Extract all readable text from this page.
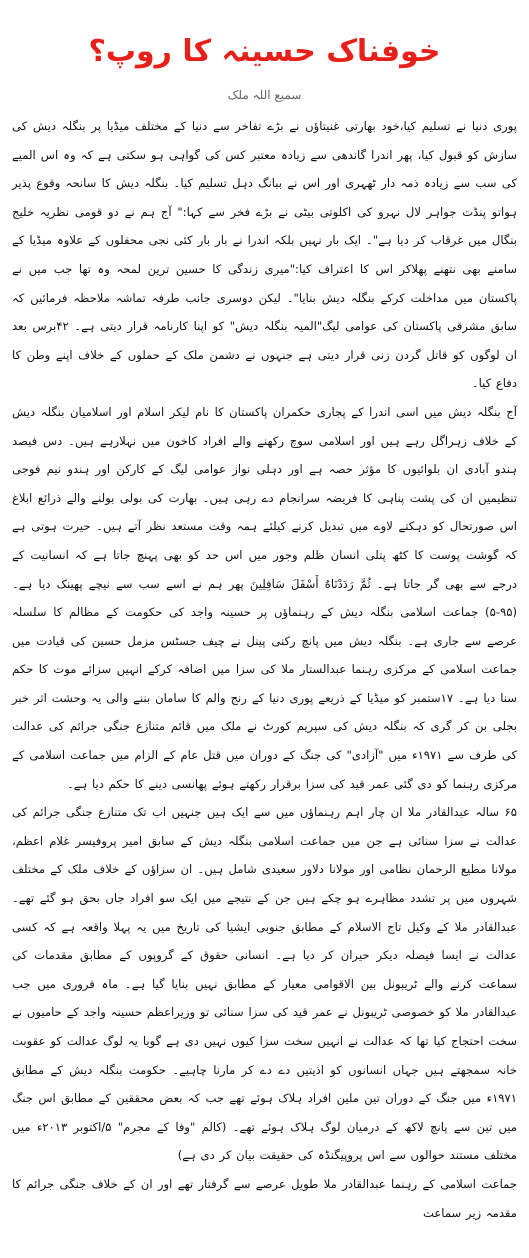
خوفناک حسینہ کا روپ؟
سمیع اللہ ملک

پوری دنیا نے تسلیم کیا،خود بھارتی غنیتاؤں نے بڑے تفاخر سے دنیا کے مختلف میڈیا پر بنگلہ دیش کی سازش کو قبول کیا، پھر اندرا گاندھی سے زیادہ معتبر کس کی گواہی ہو سکتی ہے کہ وہ اس المیے کی سب سے زیادہ ذمہ دار ٹھہری اور اس نے ببانگ دہل تسلیم کیا۔ بنگلہ دیش کا سانحہ وقوع پذیر ہواتو پنڈت جواہر لال نہرو کی اکلوتی بیٹی نے بڑے فخر سے کہا:" آج ہم نے دو قومی نظریہ خلیج بنگال میں غرقاب کر دیا ہے"۔ ایک بار نہیں بلکہ اندرا نے بار بار کئی نجی محفلوں کے علاوہ میڈیا کے سامنے بھی نتھنے پھلاکر اس کا اعتراف کیا:"میری زندگی کا حسین ترین لمحہ وہ تھا جب میں نے پاکستان میں مداخلت کرکے بنگلہ دیش بنایا"۔ لیکن دوسری جانب طرفہ تماشہ ملاحظہ فرمائیں کہ سابق مشرقی پاکستان کی عوامی لیگ"المیہ بنگلہ دیش" کو اپنا کارنامہ قرار دیتی ہے۔ ۴۲برس بعد ان لوگوں کو قاتل گردن زنی قرار دیتی ہے جنہوں نے دشمن ملک کے حملوں کے خلاف اپنے وطن کا دفاع کیا۔

آج بنگلہ دیش میں اسی اندرا کے پجاری حکمران پاکستان کا نام لیکر اسلام اور اسلامیان بنگلہ دیش کے خلاف زہراگل رہے ہیں اور اسلامی سوچ رکھنے والے افراد کاخون میں نہلارہے ہیں۔ دس فیصد ہندو آبادی ان بلوائیوں کا مؤثر حصہ ہے اور دہلی نواز عوامی لیگ کے کارکن اور ہندو نیم فوجی تنظیمیں ان کی پشت پناہی کا فریضہ سرانجام دے رہی ہیں۔ بھارت کی بولی بولنے والے ذرائع ابلاغ اس صورتحال کو دہکتے لاوے میں تبدیل کرنے کیلئے ہمہ وقت مستعد نظر آتے ہیں۔ حیرت ہوتی ہے کہ گوشت پوست کا کٹھ پتلی انسان ظلم وجور میں اس حد کو بھی پہنچ جاتا ہے کہ انسانیت کے درجے سے بھی گر جاتا ہے۔ ثُمَّ رَدَدْنَاهُ أَسْفَلَ سَافِلِينَ پھر ہم نے اسے سب سے نیچے پھینک دیا ہے۔ (۹۵-۵) جماعت اسلامی بنگلہ دیش کے رہنماؤں پر حسینہ واجد کی حکومت کے مظالم کا سلسلہ عرصے سے جاری ہے۔ بنگلہ دیش میں پانچ رکنی پینل نے چیف جسٹس مزمل حسین کی قیادت میں جماعت اسلامی کے مرکزی رہنما عبدالستار ملا کی سزا میں اضافہ کرکے انہیں سزائے موت کا حکم سنا دیا ہے۔ ۱۷ستمبر کو میڈیا کے ذریعے پوری دنیا کے رنج والم کا سامان بننے والی یہ وحشت اثر خبر بجلی بن کر گری کہ بنگلہ دیش کی سپریم کورٹ نے ملک میں قائم متنازع جنگی جرائم کی عدالت کی طرف سے ۱۹۷۱ء میں "آزادی" کی جنگ کے دوران میں قتل عام کے الزام میں جماعت اسلامی کے مرکزی رہنما کو دی گئی عمر قید کی سزا برقرار رکھتے ہوئے پھانسی دینے کا حکم دیا ہے۔

۶۵ سالہ عبدالقادر ملا ان چار اہم رہنماؤں میں سے ایک ہیں جنہیں اب تک متنازع جنگی جرائم کی عدالت نے سزا سنائی ہے جن میں جماعت اسلامی بنگلہ دیش کے سابق امیر پروفیسر غلام اعظم، مولانا مطیع الرحمان نظامی اور مولانا دلاور سعیدی شامل ہیں۔ ان سزاؤں کے خلاف ملک کے مختلف شہروں میں پر تشدد مظاہرے ہو چکے ہیں جن کے نتیجے میں ایک سو افراد جاں بحق ہو گئے تھے۔ عبدالقادر ملا کے وکیل تاج الاسلام کے مطابق جنوبی ایشیا کی تاریخ میں یہ پہلا واقعہ ہے کہ کسی عدالت نے ایسا فیصلہ دیکر حیران کر دیا ہے۔ انسانی حقوق کے گروپوں کے مطابق مقدمات کی سماعت کرنے والے ٹریبونل بین الاقوامی معیار کے مطابق نہیں بنایا گیا ہے۔ ماہ فروری میں جب عبدالقادر ملا کو خصوصی ٹریبونل نے عمر قید کی سزا سنائی تو وزیراعظم حسینہ واجد کے حامیوں نے سخت احتجاج کیا تھا کہ عدالت نے انہیں سخت سزا کیوں نہیں دی ہے گویا یہ لوگ عدالت کو عقوبت خانہ سمجھتے ہیں جہاں انسانوں کو اذیتیں دے دے کر مارنا چاہیے۔ حکومت بنگلہ دیش کے مطابق ۱۹۷۱ء میں جنگ کے دوران تین ملین افراد ہلاک ہوئے تھے جب کہ بعض محققین کے مطابق اس جنگ میں تین سے پانچ لاکھ کے درمیان لوگ ہلاک ہوئے تھے۔ (کالم "وفا کے مجرم" ۵/اکتوبر ۲۰۱۳ء میں مختلف مستند حوالوں سے اس پروپیگنڈہ کی حقیقت بیان کر دی ہے)

جماعت اسلامی کے رہنما عبدالقادر ملا طویل عرصے سے گرفتار تھے اور ان کے خلاف جنگی جرائم کا مقدمہ زیر سماعت
